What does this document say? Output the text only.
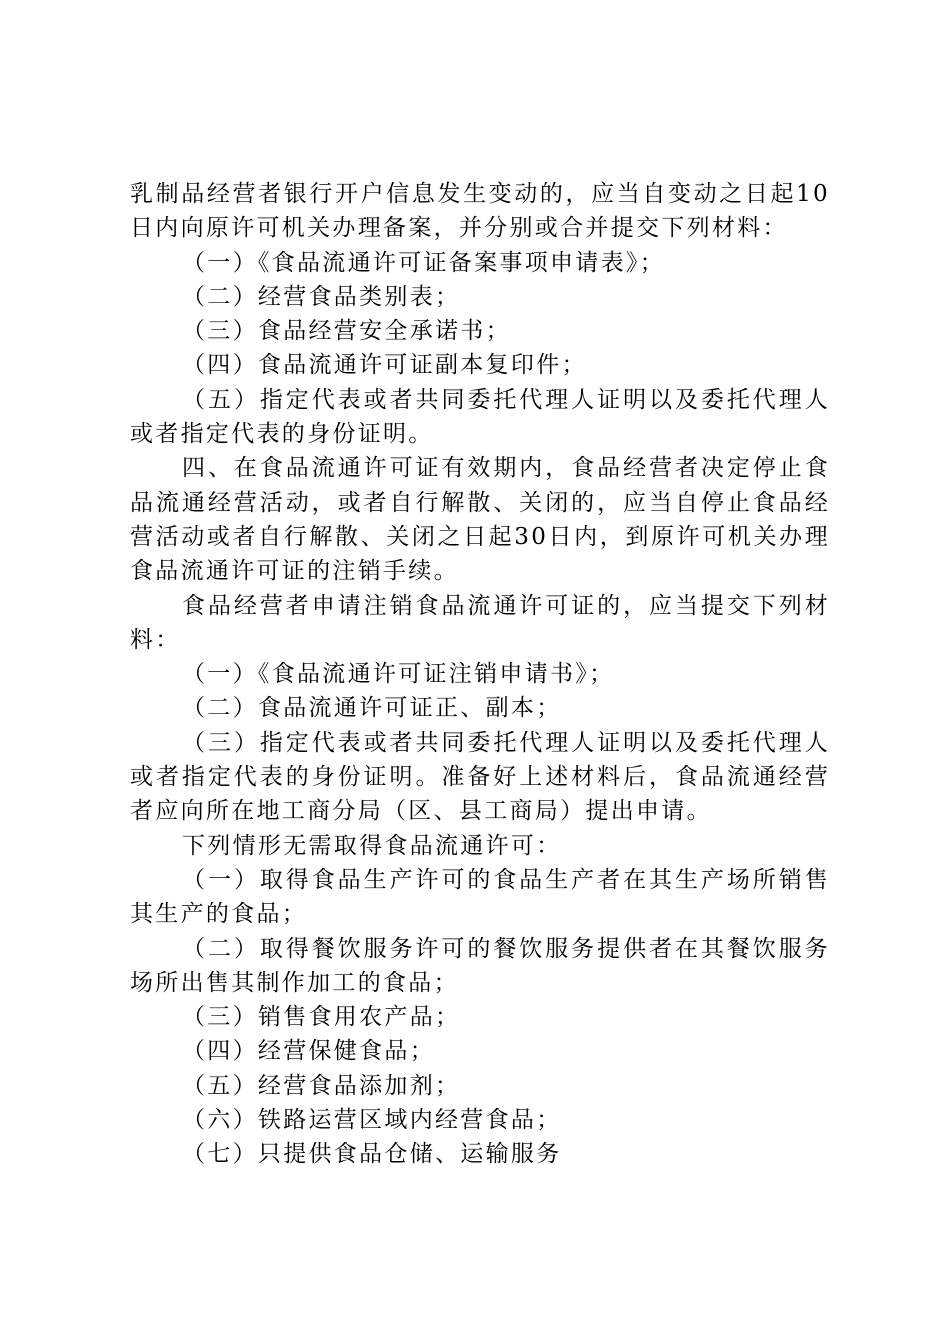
乳制品经营者银行开户信息发生变动的，应当自变动之日起10日内向原许可机关办理备案，并分别或合并提交下列材料：

（一）《食品流通许可证备案事项申请表》；

（二）经营食品类别表；

（三）食品经营安全承诺书；

（四）食品流通许可证副本复印件；

（五）指定代表或者共同委托代理人证明以及委托代理人或者指定代表的身份证明。

四、在食品流通许可证有效期内，食品经营者决定停止食品流通经营活动，或者自行解散、关闭的，应当自停止食品经营活动或者自行解散、关闭之日起30日内，到原许可机关办理食品流通许可证的注销手续。

食品经营者申请注销食品流通许可证的，应当提交下列材料：

（一）《食品流通许可证注销申请书》；

（二）食品流通许可证正、副本；

（三）指定代表或者共同委托代理人证明以及委托代理人或者指定代表的身份证明。准备好上述材料后，食品流通经营者应向所在地工商分局（区、县工商局）提出申请。

下列情形无需取得食品流通许可：

（一）取得食品生产许可的食品生产者在其生产场所销售其生产的食品；

（二）取得餐饮服务许可的餐饮服务提供者在其餐饮服务场所出售其制作加工的食品；

（三）销售食用农产品；

（四）经营保健食品；

（五）经营食品添加剂；

（六）铁路运营区域内经营食品；

（七）只提供食品仓储、运输服务
